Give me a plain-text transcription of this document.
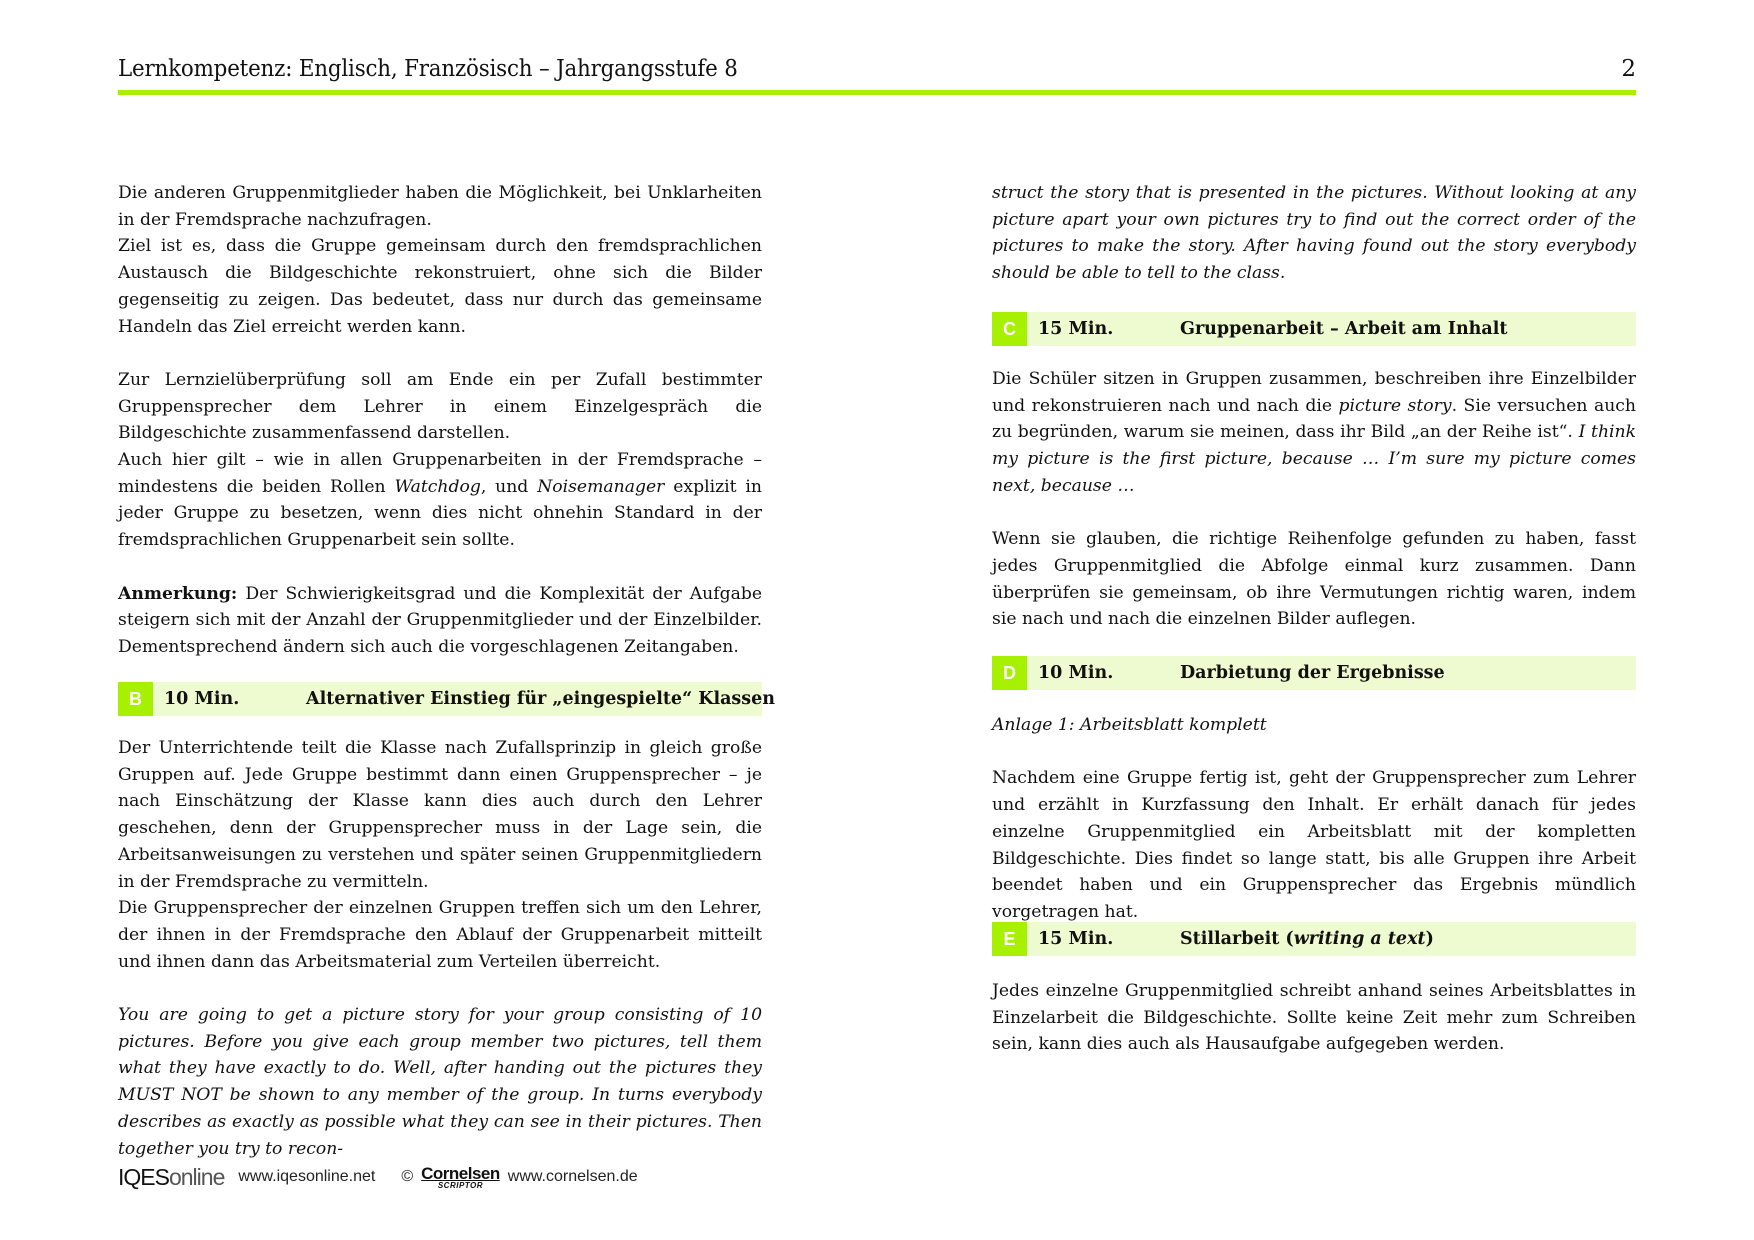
Lernkompetenz: Englisch, Französisch – Jahrgangsstufe 8	2

Die anderen Gruppenmitglieder haben die Möglichkeit, bei Unklarheiten in der Fremdsprache nachzufragen.

Ziel ist es, dass die Gruppe gemeinsam durch den fremdsprachlichen Austausch die Bildgeschichte rekonstruiert, ohne sich die Bilder gegenseitig zu zeigen. Das bedeutet, dass nur durch das gemeinsame Handeln das Ziel erreicht werden kann.

Zur Lernzielüberprüfung soll am Ende ein per Zufall bestimmter Gruppensprecher dem Lehrer in einem Einzelgespräch die Bildgeschichte zusammenfassend darstellen.

Auch hier gilt – wie in allen Gruppenarbeiten in der Fremdsprache – mindestens die beiden Rollen Watchdog, und Noisemanager explizit in jeder Gruppe zu besetzen, wenn dies nicht ohnehin Standard in der fremdsprachlichen Gruppenarbeit sein sollte.

Anmerkung: Der Schwierigkeitsgrad und die Komplexität der Aufgabe steigern sich mit der Anzahl der Gruppenmitglieder und der Einzelbilder. Dementsprechend ändern sich auch die vorgeschlagenen Zeitangaben.

B	10 Min.	Alternativer Einstieg für „eingespielte“ Klassen

Der Unterrichtende teilt die Klasse nach Zufallsprinzip in gleich große Gruppen auf. Jede Gruppe bestimmt dann einen Gruppensprecher – je nach Einschätzung der Klasse kann dies auch durch den Lehrer geschehen, denn der Gruppensprecher muss in der Lage sein, die Arbeitsanweisungen zu verstehen und später seinen Gruppenmitgliedern in der Fremdsprache zu vermitteln.

Die Gruppensprecher der einzelnen Gruppen treffen sich um den Lehrer, der ihnen in der Fremdsprache den Ablauf der Gruppenarbeit mitteilt und ihnen dann das Arbeitsmaterial zum Verteilen überreicht.

You are going to get a picture story for your group consisting of 10 pictures. Before you give each group member two pictures, tell them what they have exactly to do. Well, after handing out the pictures they MUST NOT be shown to any member of the group. In turns everybody describes as exactly as possible what they can see in their pictures. Then together you try to recon-

struct the story that is presented in the pictures. Without looking at any picture apart your own pictures try to find out the correct order of the pictures to make the story. After having found out the story everybody should be able to tell to the class.

C	15 Min.	Gruppenarbeit – Arbeit am Inhalt

Die Schüler sitzen in Gruppen zusammen, beschreiben ihre Einzelbilder und rekonstruieren nach und nach die picture story. Sie versuchen auch zu begründen, warum sie meinen, dass ihr Bild „an der Reihe ist“. I think my picture is the first picture, because … I’m sure my picture comes next, because …

Wenn sie glauben, die richtige Reihenfolge gefunden zu haben, fasst jedes Gruppenmitglied die Abfolge einmal kurz zusammen. Dann überprüfen sie gemeinsam, ob ihre Vermutungen richtig waren, indem sie nach und nach die einzelnen Bilder auflegen.

D	10 Min.	Darbietung der Ergebnisse

Anlage 1: Arbeitsblatt komplett

Nachdem eine Gruppe fertig ist, geht der Gruppensprecher zum Lehrer und erzählt in Kurzfassung den Inhalt. Er erhält danach für jedes einzelne Gruppenmitglied ein Arbeitsblatt mit der kompletten Bildgeschichte. Dies findet so lange statt, bis alle Gruppen ihre Arbeit beendet haben und ein Gruppensprecher das Ergebnis mündlich vorgetragen hat.

E	15 Min.	Stillarbeit (writing a text)

Jedes einzelne Gruppenmitglied schreibt anhand seines Arbeitsblattes in Einzelarbeit die Bildgeschichte. Sollte keine Zeit mehr zum Schreiben sein, kann dies auch als Hausaufgabe aufgegeben werden.

IQESonline www.iqesonline.net © Cornelsen
SCRIPTOR www.cornelsen.de
